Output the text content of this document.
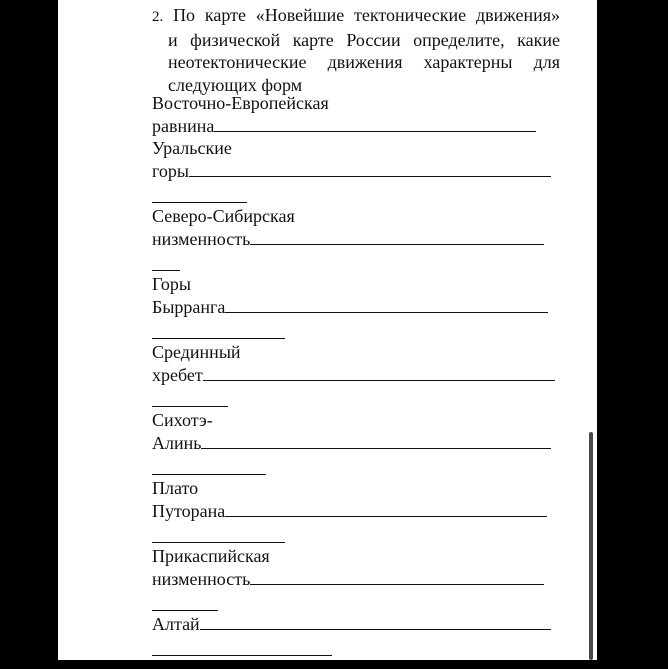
2. По карте «Новейшие тектонические движения»
и физической карте России определите, какие
неотектонические движения характерны для
следующих форм
Восточно-Европейская
равнина
Уральские
горы
Северо-Сибирская
низменность
Горы
Бырранга
Срединный
хребет
Сихотэ-
Алинь
Плато
Путорана
Прикаспийская
низменность
Алтай
